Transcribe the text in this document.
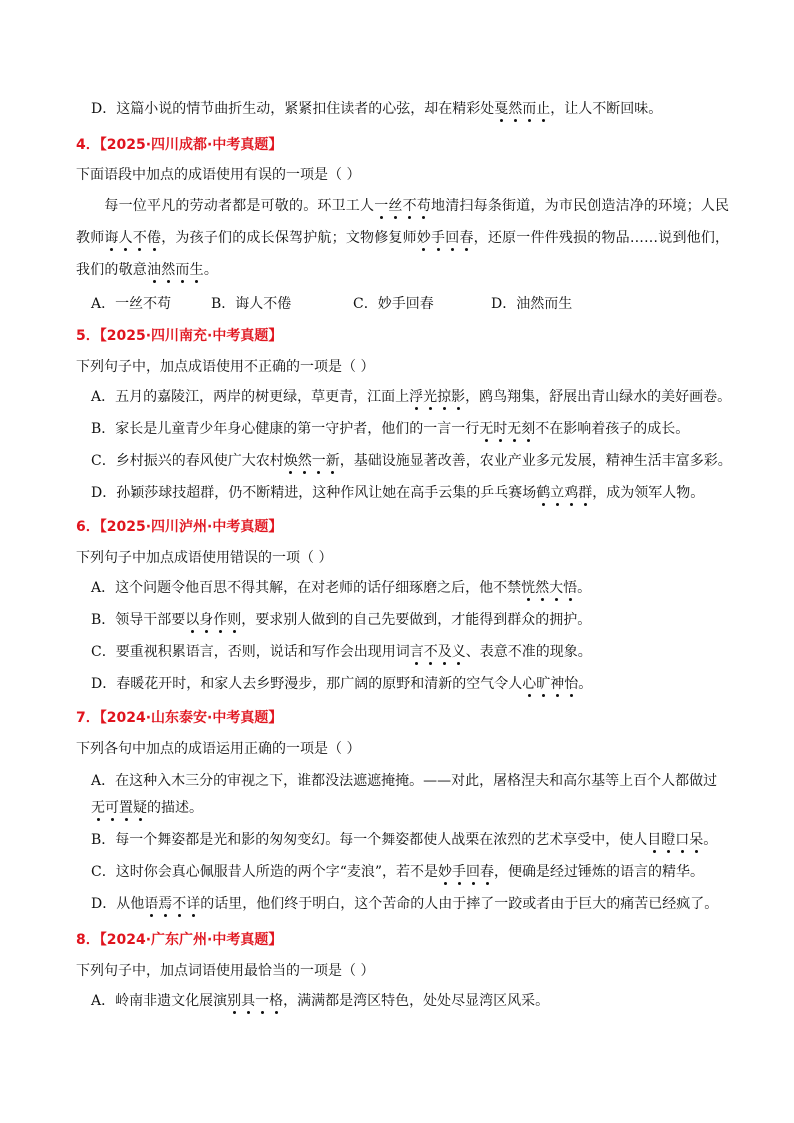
D．这篇小说的情节曲折生动，紧紧扣住读者的心弦，却在精彩处戛然而止，让人不断回味。
4．【2025·四川成都·中考真题】
下面语段中加点的成语使用有误的一项是（ ）
　　每一位平凡的劳动者都是可敬的。环卫工人一丝不苟地清扫每条街道，为市民创造洁净的环境；人民
教师诲人不倦，为孩子们的成长保驾护航；文物修复师妙手回春，还原一件件残损的物品……说到他们，
我们的敬意油然而生。
A．一丝不苟	B．诲人不倦	C．妙手回春	D．油然而生
5．【2025·四川南充·中考真题】
下列句子中，加点成语使用不正确的一项是（ ）
A．五月的嘉陵江，两岸的树更绿，草更青，江面上浮光掠影，鸥鸟翔集，舒展出青山绿水的美好画卷。
B．家长是儿童青少年身心健康的第一守护者，他们的一言一行无时无刻不在影响着孩子的成长。
C．乡村振兴的春风使广大农村焕然一新，基础设施显著改善，农业产业多元发展，精神生活丰富多彩。
D．孙颖莎球技超群，仍不断精进，这种作风让她在高手云集的乒乓赛场鹤立鸡群，成为领军人物。
6．【2025·四川泸州·中考真题】
下列句子中加点成语使用错误的一项（ ）
A．这个问题令他百思不得其解，在对老师的话仔细琢磨之后，他不禁恍然大悟。
B．领导干部要以身作则，要求别人做到的自己先要做到，才能得到群众的拥护。
C．要重视积累语言，否则，说话和写作会出现用词言不及义、表意不准的现象。
D．春暖花开时，和家人去乡野漫步，那广阔的原野和清新的空气令人心旷神怡。
7．【2024·山东泰安·中考真题】
下列各句中加点的成语运用正确的一项是（ ）
A．在这种入木三分的审视之下，谁都没法遮遮掩掩。——对此，屠格涅夫和高尔基等上百个人都做过
无可置疑的描述。
B．每一个舞姿都是光和影的匆匆变幻。每一个舞姿都使人战栗在浓烈的艺术享受中，使人目瞪口呆。
C．这时你会真心佩服昔人所造的两个字“麦浪”，若不是妙手回春，便确是经过锤炼的语言的精华。
D．从他语焉不详的话里，他们终于明白，这个苦命的人由于摔了一跤或者由于巨大的痛苦已经疯了。
8．【2024·广东广州·中考真题】
下列句子中，加点词语使用最恰当的一项是（ ）
A．岭南非遗文化展演别具一格，满满都是湾区特色，处处尽显湾区风采。
